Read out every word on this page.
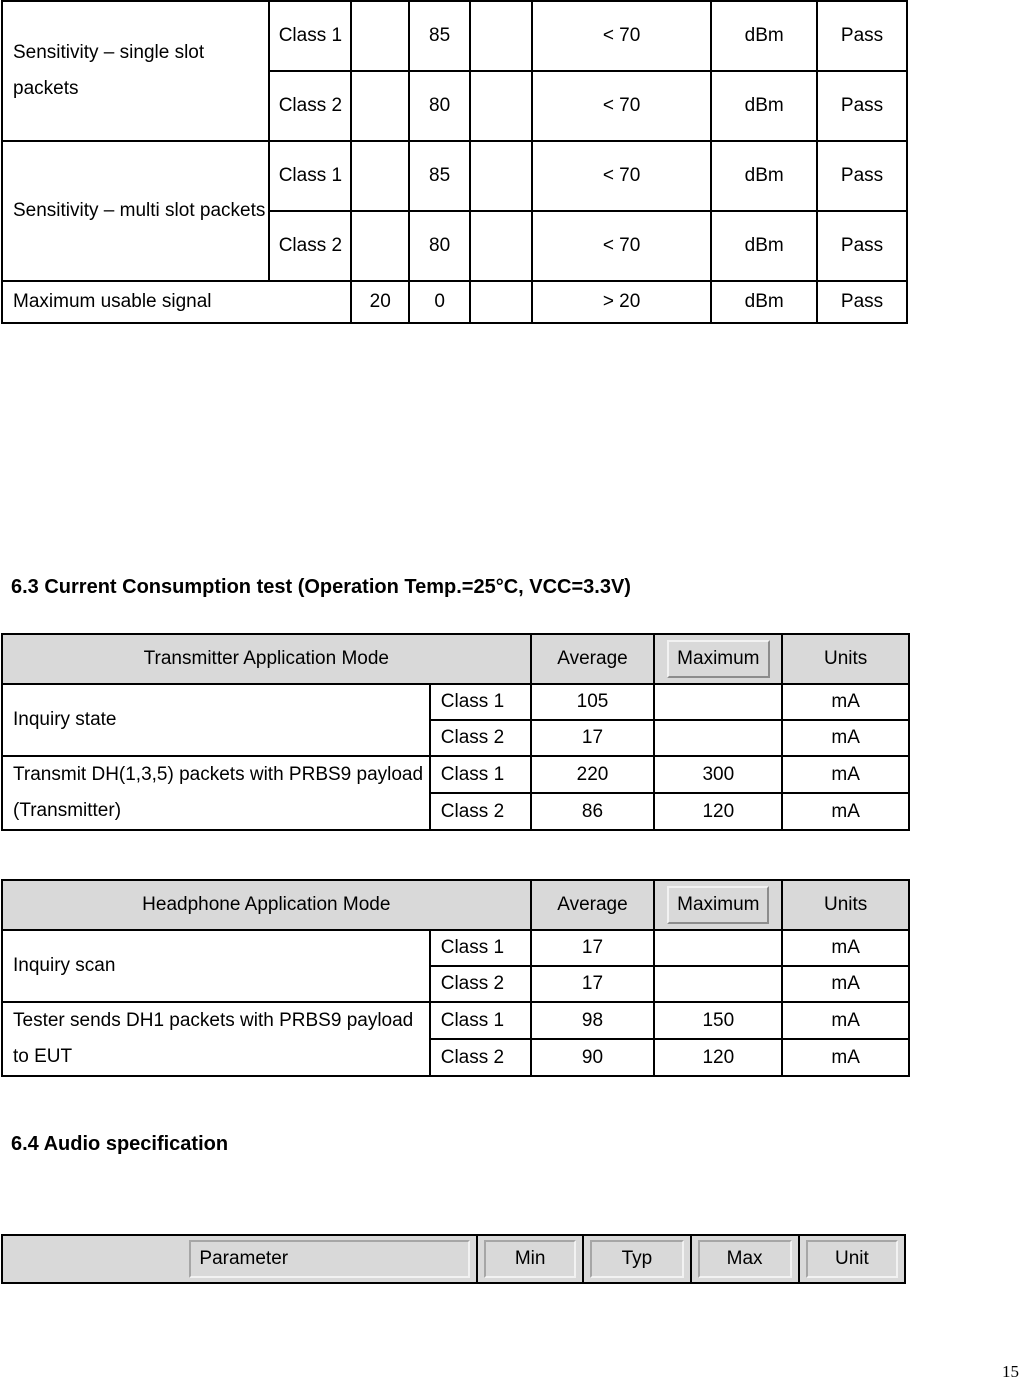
Sensitivity – single slot packets	Class 1		85		< 70	dBm	Pass
	Class 2		80		< 70	dBm	Pass
Sensitivity – multi slot packets	Class 1		85		< 70	dBm	Pass
	Class 2		80		< 70	dBm	Pass
Maximum usable signal		20	0		> 20	dBm	Pass
6.3 Current Consumption test (Operation Temp.=25°C, VCC=3.3V)
Transmitter Application Mode		Average	Maximum	Units
Inquiry state	Class 1	105		mA
	Class 2	17		mA
Transmit DH(1,3,5) packets with PRBS9 payload (Transmitter)	Class 1	220	300	mA
	Class 2	86	120	mA
Headphone Application Mode		Average	Maximum	Units
Inquiry scan	Class 1	17		mA
	Class 2	17		mA
Tester sends DH1 packets with PRBS9 payload to EUT	Class 1	98	150	mA
	Class 2	90	120	mA
6.4 Audio specification

Parameter	Min	Typ	Max	Unit
15
